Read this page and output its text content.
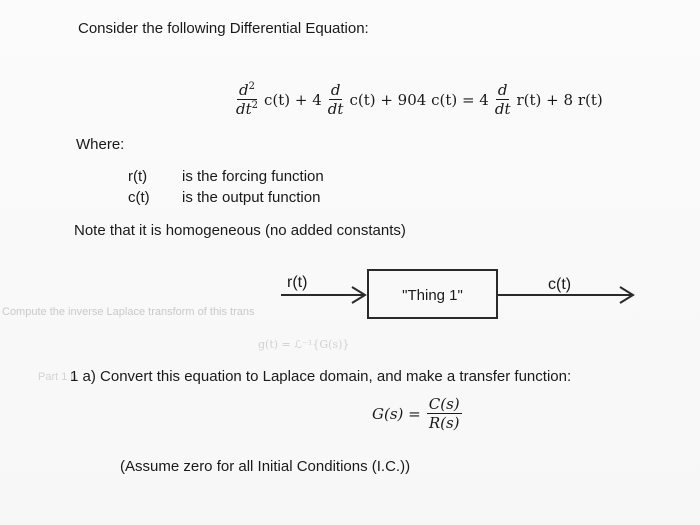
Consider the following Differential Equation:
$\frac{d^2}{dt^2} c(t) + 4 \frac{d}{dt} c(t) + 904$ $c(t) = 4 \frac{d}{dt} r(t) + 8$ r(t)
Where:
r(t) is the forcing function
c(t) is the output function
Note that it is homogeneous (no added constants)
Compute the inverse Laplace transform of this trans
g(t) = ℒ⁻¹{G(s)}
Part 1 b
r(t)	c(t)
"Thing 1"
1 a) Convert this equation to Laplace domain, and make a transfer function:
$G(s) = \frac{C(s)}{R(s)}$
(Assume zero for all Initial Conditions (I.C.))
